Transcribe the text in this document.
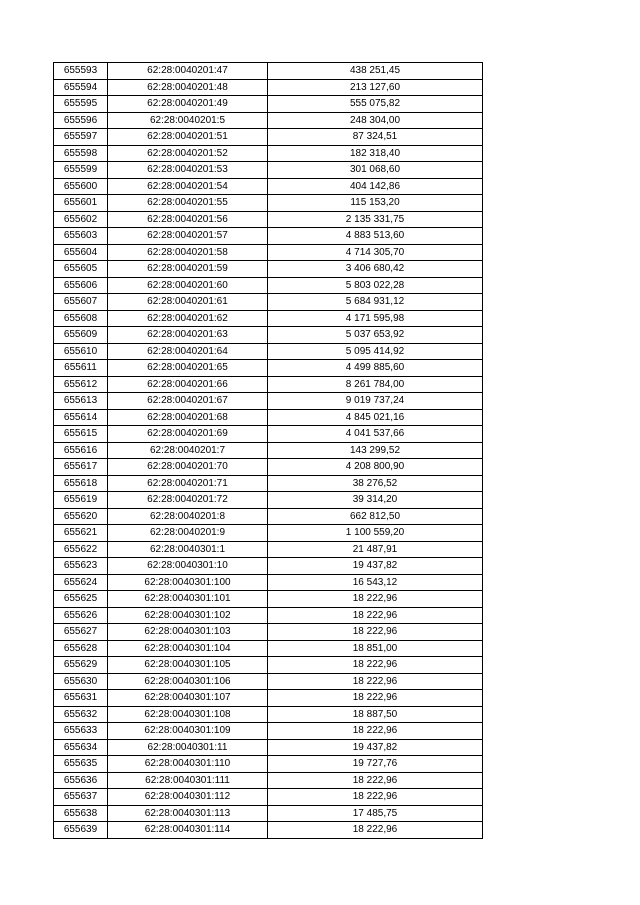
655593	62:28:0040201:47	438 251,45
655594	62:28:0040201:48	213 127,60
655595	62:28:0040201:49	555 075,82
655596	62:28:0040201:5	248 304,00
655597	62:28:0040201:51	87 324,51
655598	62:28:0040201:52	182 318,40
655599	62:28:0040201:53	301 068,60
655600	62:28:0040201:54	404 142,86
655601	62:28:0040201:55	115 153,20
655602	62:28:0040201:56	2 135 331,75
655603	62:28:0040201:57	4 883 513,60
655604	62:28:0040201:58	4 714 305,70
655605	62:28:0040201:59	3 406 680,42
655606	62:28:0040201:60	5 803 022,28
655607	62:28:0040201:61	5 684 931,12
655608	62:28:0040201:62	4 171 595,98
655609	62:28:0040201:63	5 037 653,92
655610	62:28:0040201:64	5 095 414,92
655611	62:28:0040201:65	4 499 885,60
655612	62:28:0040201:66	8 261 784,00
655613	62:28:0040201:67	9 019 737,24
655614	62:28:0040201:68	4 845 021,16
655615	62:28:0040201:69	4 041 537,66
655616	62:28:0040201:7	143 299,52
655617	62:28:0040201:70	4 208 800,90
655618	62:28:0040201:71	38 276,52
655619	62:28:0040201:72	39 314,20
655620	62:28:0040201:8	662 812,50
655621	62:28:0040201:9	1 100 559,20
655622	62:28:0040301:1	21 487,91
655623	62:28:0040301:10	19 437,82
655624	62:28:0040301:100	16 543,12
655625	62:28:0040301:101	18 222,96
655626	62:28:0040301:102	18 222,96
655627	62:28:0040301:103	18 222,96
655628	62:28:0040301:104	18 851,00
655629	62:28:0040301:105	18 222,96
655630	62:28:0040301:106	18 222,96
655631	62:28:0040301:107	18 222,96
655632	62:28:0040301:108	18 887,50
655633	62:28:0040301:109	18 222,96
655634	62:28:0040301:11	19 437,82
655635	62:28:0040301:110	19 727,76
655636	62:28:0040301:111	18 222,96
655637	62:28:0040301:112	18 222,96
655638	62:28:0040301:113	17 485,75
655639	62:28:0040301:114	18 222,96
